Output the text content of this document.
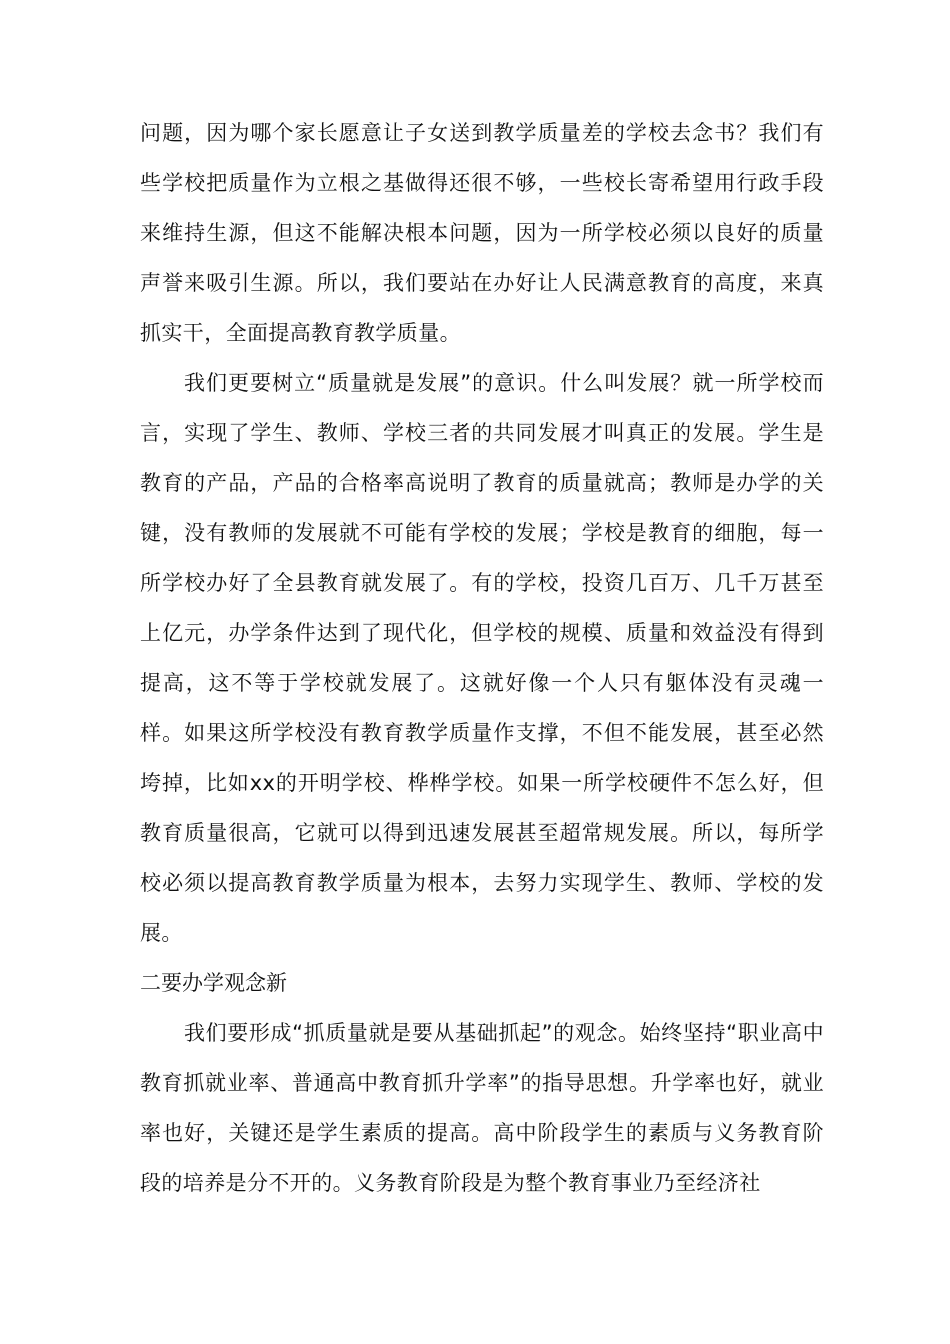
问题，因为哪个家长愿意让子女送到教学质量差的学校去念书？我们有些学校把质量作为立根之基做得还很不够，一些校长寄希望用行政手段来维持生源，但这不能解决根本问题，因为一所学校必须以良好的质量声誉来吸引生源。所以，我们要站在办好让人民满意教育的高度，来真抓实干，全面提高教育教学质量。

我们更要树立“质量就是发展”的意识。什么叫发展？就一所学校而言，实现了学生、教师、学校三者的共同发展才叫真正的发展。学生是教育的产品，产品的合格率高说明了教育的质量就高；教师是办学的关键，没有教师的发展就不可能有学校的发展；学校是教育的细胞，每一所学校办好了全县教育就发展了。有的学校，投资几百万、几千万甚至上亿元，办学条件达到了现代化，但学校的规模、质量和效益没有得到提高，这不等于学校就发展了。这就好像一个人只有躯体没有灵魂一样。如果这所学校没有教育教学质量作支撑，不但不能发展，甚至必然垮掉，比如xx的开明学校、桦桦学校。如果一所学校硬件不怎么好，但教育质量很高，它就可以得到迅速发展甚至超常规发展。所以，每所学校必须以提高教育教学质量为根本，去努力实现学生、教师、学校的发展。

二要办学观念新

我们要形成“抓质量就是要从基础抓起”的观念。始终坚持“职业高中教育抓就业率、普通高中教育抓升学率”的指导思想。升学率也好，就业率也好，关键还是学生素质的提高。高中阶段学生的素质与义务教育阶段的培养是分不开的。义务教育阶段是为整个教育事业乃至经济社
